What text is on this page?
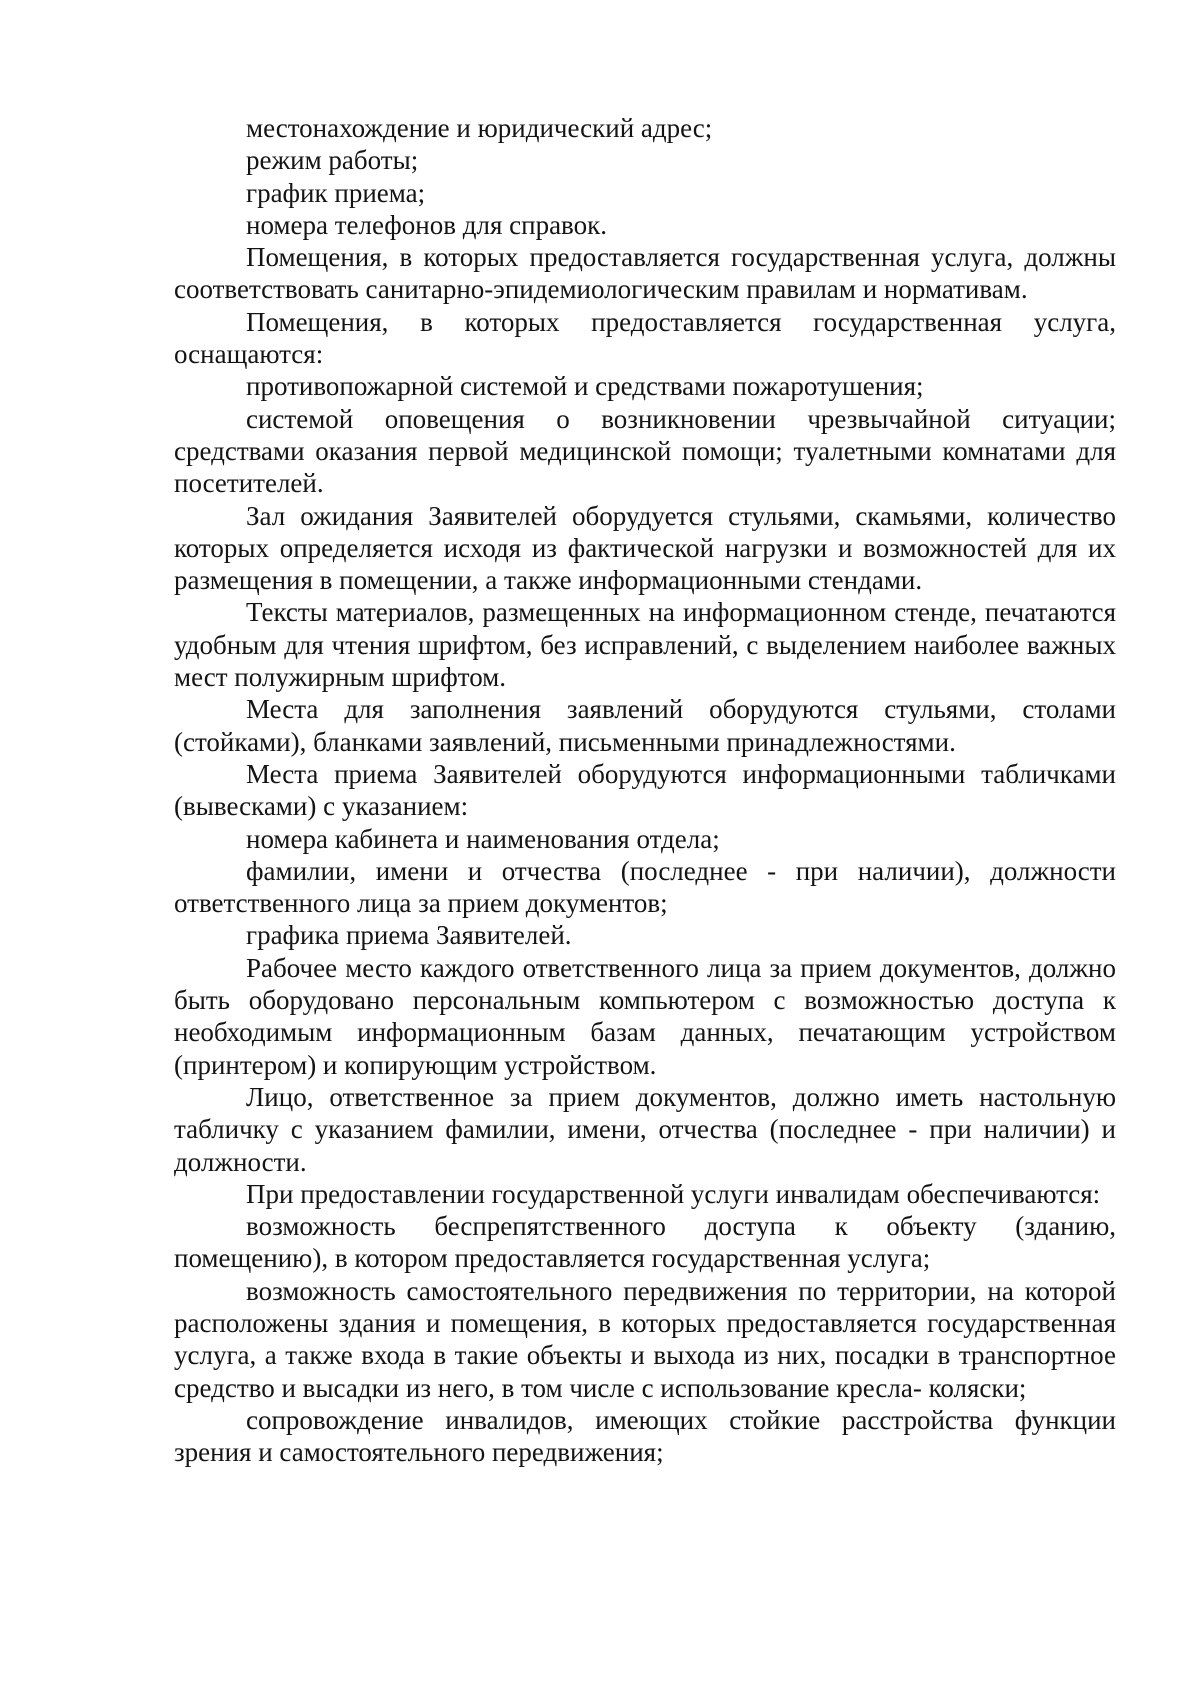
местонахождение и юридический адрес;

режим работы;

график приема;

номера телефонов для справок.

Помещения, в которых предоставляется государственная услуга, должны соответствовать санитарно-эпидемиологическим правилам и нормативам.

Помещения, в которых предоставляется государственная услуга, оснащаются:

противопожарной системой и средствами пожаротушения;

системой оповещения о возникновении чрезвычайной ситуации; средствами оказания первой медицинской помощи; туалетными комнатами для посетителей.

Зал ожидания Заявителей оборудуется стульями, скамьями, количество которых определяется исходя из фактической нагрузки и возможностей для их размещения в помещении, а также информационными стендами.

Тексты материалов, размещенных на информационном стенде, печатаются удобным для чтения шрифтом, без исправлений, с выделением наиболее важных мест полужирным шрифтом.

Места для заполнения заявлений оборудуются стульями, столами (стойками), бланками заявлений, письменными принадлежностями.

Места приема Заявителей оборудуются информационными табличками (вывесками) с указанием:

номера кабинета и наименования отдела;

фамилии, имени и отчества (последнее - при наличии), должности ответственного лица за прием документов;

графика приема Заявителей.

Рабочее место каждого ответственного лица за прием документов, должно быть оборудовано персональным компьютером с возможностью доступа к необходимым информационным базам данных, печатающим устройством (принтером) и копирующим устройством.

Лицо, ответственное за прием документов, должно иметь настольную табличку с указанием фамилии, имени, отчества (последнее - при наличии) и должности.

При предоставлении государственной услуги инвалидам обеспечиваются:

возможность беспрепятственного доступа к объекту (зданию, помещению), в котором предоставляется государственная услуга;

возможность самостоятельного передвижения по территории, на которой расположены здания и помещения, в которых предоставляется государственная услуга, а также входа в такие объекты и выхода из них, посадки в транспортное средство и высадки из него, в том числе с использование кресла- коляски;

сопровождение инвалидов, имеющих стойкие расстройства функции зрения и самостоятельного передвижения;
